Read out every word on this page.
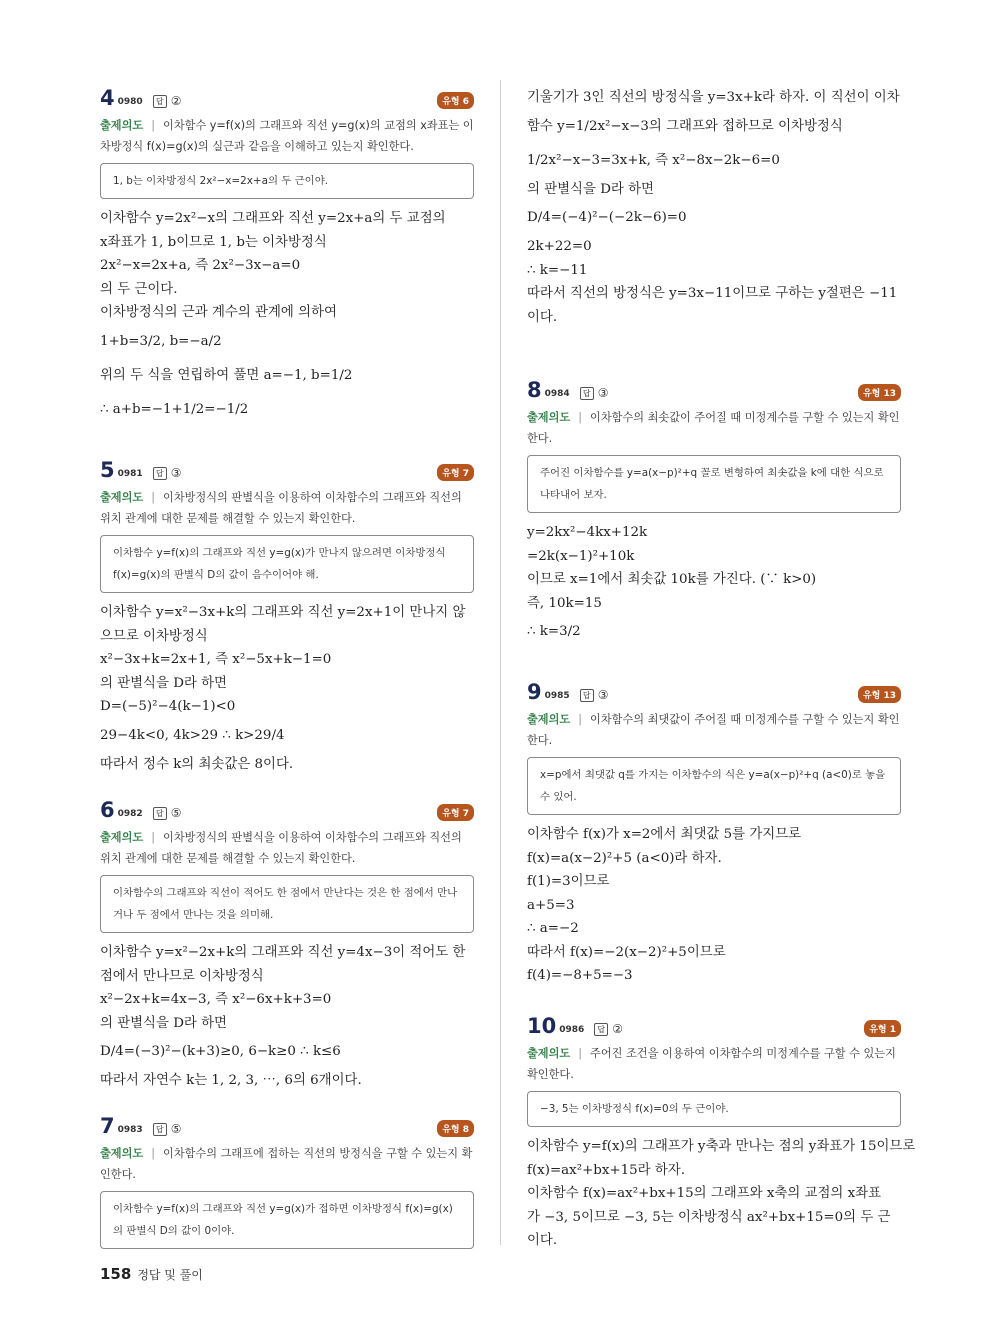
4 0980 답 ②	유형 6
출제의도 | 이차함수 y=f(x)의 그래프와 직선 y=g(x)의 교점의 x좌표는 이차방정식 f(x)=g(x)의 실근과 같음을 이해하고 있는지 확인한다.
1, b는 이차방정식 2x²−x=2x+a의 두 근이야.
이차함수 y=2x²−x의 그래프와 직선 y=2x+a의 두 교점의
x좌표가 1, b이므로 1, b는 이차방정식
2x²−x=2x+a, 즉 2x²−3x−a=0
의 두 근이다.
이차방정식의 근과 계수의 관계에 의하여
1+b=3/2, b=−a/2
위의 두 식을 연립하여 풀면 a=−1, b=1/2
∴ a+b=−1+1/2=−1/2
5 0981 답 ③	유형 7
출제의도 | 이차방정식의 판별식을 이용하여 이차함수의 그래프와 직선의 위치 관계에 대한 문제를 해결할 수 있는지 확인한다.
이차함수 y=f(x)의 그래프와 직선 y=g(x)가 만나지 않으려면 이차방정식 f(x)=g(x)의 판별식 D의 값이 음수이어야 해.
이차함수 y=x²−3x+k의 그래프와 직선 y=2x+1이 만나지 않
으므로 이차방정식
x²−3x+k=2x+1, 즉 x²−5x+k−1=0
의 판별식을 D라 하면
D=(−5)²−4(k−1)<0
29−4k<0, 4k>29 ∴ k>29/4
따라서 정수 k의 최솟값은 8이다.
6 0982 답 ⑤	유형 7
출제의도 | 이차방정식의 판별식을 이용하여 이차함수의 그래프와 직선의 위치 관계에 대한 문제를 해결할 수 있는지 확인한다.
이차함수의 그래프와 직선이 적어도 한 점에서 만난다는 것은 한 점에서 만나거나 두 점에서 만나는 것을 의미해.
이차함수 y=x²−2x+k의 그래프와 직선 y=4x−3이 적어도 한
점에서 만나므로 이차방정식
x²−2x+k=4x−3, 즉 x²−6x+k+3=0
의 판별식을 D라 하면
D/4=(−3)²−(k+3)≥0, 6−k≥0 ∴ k≤6
따라서 자연수 k는 1, 2, 3, ⋯, 6의 6개이다.
7 0983 답 ⑤	유형 8
출제의도 | 이차함수의 그래프에 접하는 직선의 방정식을 구할 수 있는지 확인한다.
이차함수 y=f(x)의 그래프와 직선 y=g(x)가 접하면 이차방정식 f(x)=g(x)의 판별식 D의 값이 0이야.
기울기가 3인 직선의 방정식을 y=3x+k라 하자. 이 직선이 이차
함수 y=1/2x²−x−3의 그래프와 접하므로 이차방정식
1/2x²−x−3=3x+k, 즉 x²−8x−2k−6=0
의 판별식을 D라 하면
D/4=(−4)²−(−2k−6)=0
2k+22=0
∴ k=−11
따라서 직선의 방정식은 y=3x−11이므로 구하는 y절편은 −11
이다.
8 0984 답 ③	유형 13
출제의도 | 이차함수의 최솟값이 주어질 때 미정계수를 구할 수 있는지 확인한다.
주어진 이차함수를 y=a(x−p)²+q 꼴로 변형하여 최솟값을 k에 대한 식으로 나타내어 보자.
y=2kx²−4kx+12k
=2k(x−1)²+10k
이므로 x=1에서 최솟값 10k를 가진다. (∵ k>0)
즉, 10k=15
∴ k=3/2
9 0985 답 ③	유형 13
출제의도 | 이차함수의 최댓값이 주어질 때 미정계수를 구할 수 있는지 확인한다.
x=p에서 최댓값 q를 가지는 이차함수의 식은 y=a(x−p)²+q (a<0)로 놓을 수 있어.
이차함수 f(x)가 x=2에서 최댓값 5를 가지므로
f(x)=a(x−2)²+5 (a<0)라 하자.
f(1)=3이므로
a+5=3
∴ a=−2
따라서 f(x)=−2(x−2)²+5이므로
f(4)=−8+5=−3
10 0986 답 ②	유형 1
출제의도 | 주어진 조건을 이용하여 이차함수의 미정계수를 구할 수 있는지 확인한다.
−3, 5는 이차방정식 f(x)=0의 두 근이야.
이차함수 y=f(x)의 그래프가 y축과 만나는 점의 y좌표가 15이므로
f(x)=ax²+bx+15라 하자.
이차함수 f(x)=ax²+bx+15의 그래프와 x축의 교점의 x좌표
가 −3, 5이므로 −3, 5는 이차방정식 ax²+bx+15=0의 두 근
이다.
158 정답 및 풀이
